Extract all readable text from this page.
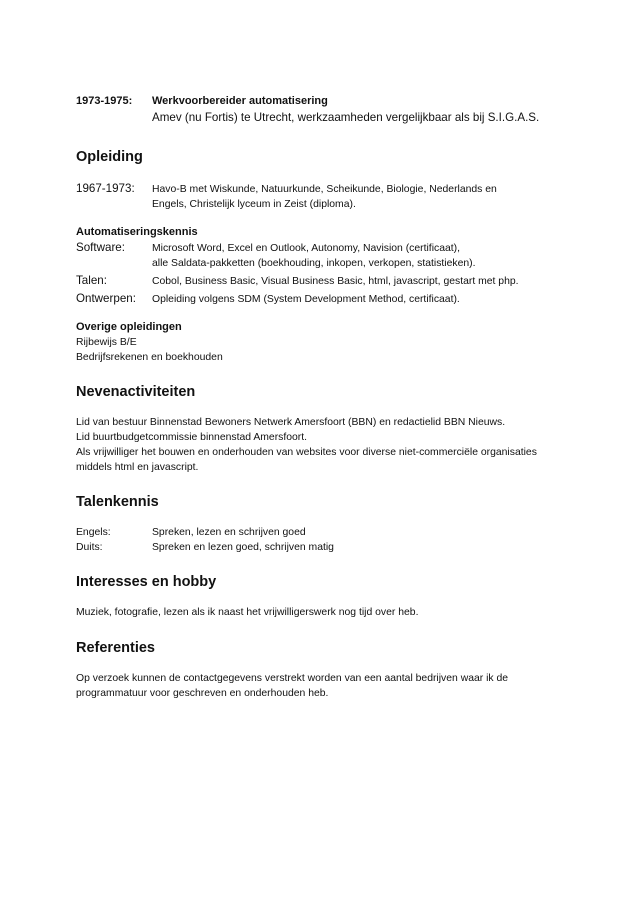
1973-1975:	Werkvoorbereider automatisering
Amev (nu Fortis) te Utrecht, werkzaamheden vergelijkbaar als bij S.I.G.A.S.
Opleiding
1967-1973:	Havo-B met Wiskunde, Natuurkunde, Scheikunde, Biologie, Nederlands en
Engels, Christelijk lyceum in Zeist (diploma).
Automatiseringskennis
Software:	Microsoft Word, Excel en Outlook, Autonomy, Navision (certificaat),
alle Saldata-pakketten (boekhouding, inkopen, verkopen, statistieken).
Talen:	Cobol, Business Basic, Visual Business Basic, html, javascript, gestart met php.
Ontwerpen:	Opleiding volgens SDM (System Development Method, certificaat).
Overige opleidingen
Rijbewijs B/E
Bedrijfsrekenen en boekhouden
Nevenactiviteiten
Lid van bestuur Binnenstad Bewoners Netwerk Amersfoort (BBN) en redactielid BBN Nieuws.
Lid buurtbudgetcommissie binnenstad Amersfoort.
Als vrijwilliger het bouwen en onderhouden van websites voor diverse niet-commerciële organisaties
middels html en javascript.
Talenkennis
Engels:	Spreken, lezen en schrijven goed
Duits:	Spreken en lezen goed, schrijven matig
Interesses en hobby
Muziek, fotografie, lezen als ik naast het vrijwilligerswerk nog tijd over heb.
Referenties
Op verzoek kunnen de contactgegevens verstrekt worden van een aantal bedrijven waar ik de
programmatuur voor geschreven en onderhouden heb.
